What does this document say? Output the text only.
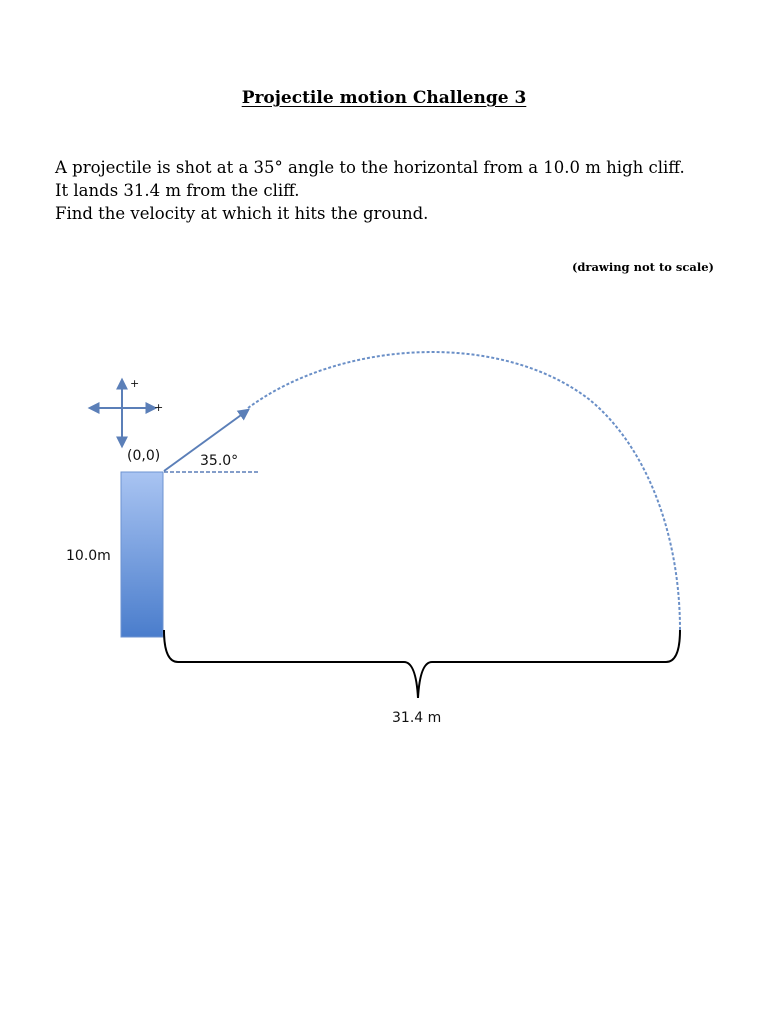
Projectile motion Challenge 3

A projectile is shot at a 35° angle to the horizontal from a 10.0 m high cliff.

It lands 31.4 m from the cliff.

Find the velocity at which it hits the ground.

(drawing not to scale)
+
+
(0,0)
10.0m
35.0°
31.4 m
